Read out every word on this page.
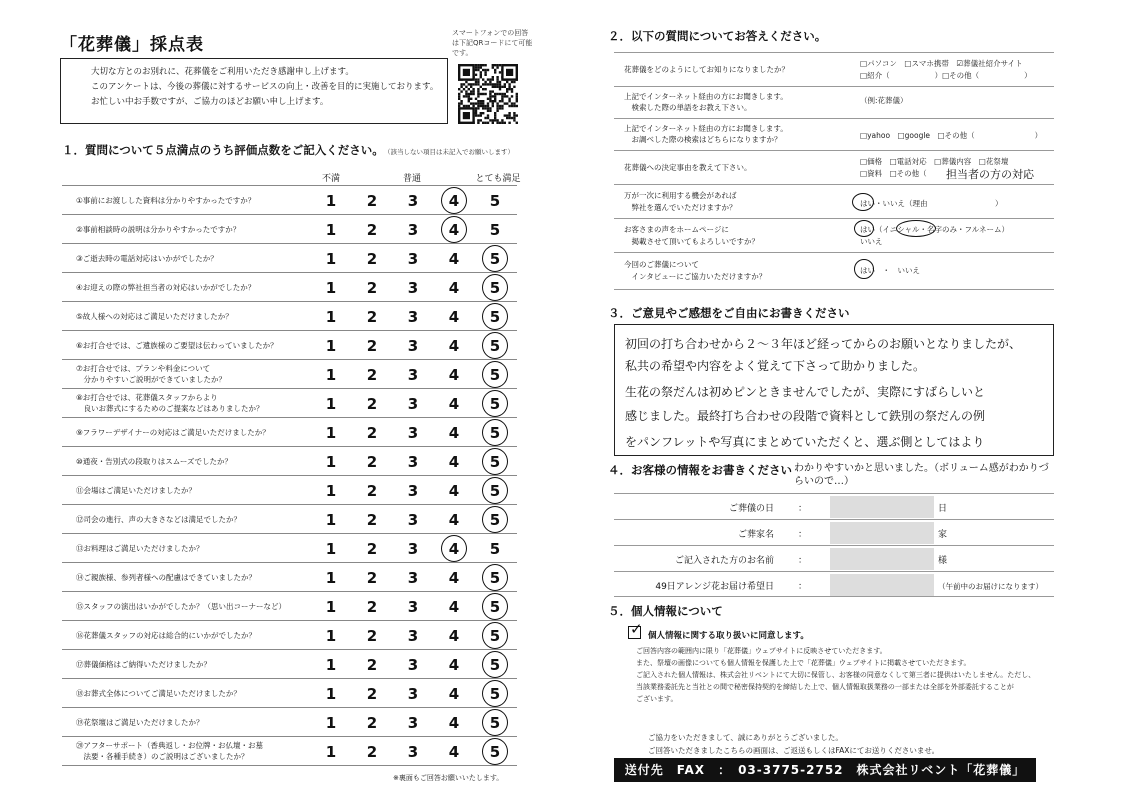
「花葬儀」採点表
スマートフォンでの回答は下記QRコードにて可能です。
大切な方とのお別れに、花葬儀をご利用いただき感謝申し上げます。
このアンケートは、今後の葬儀に対するサービスの向上・改善を目的に実施しております。
お忙しい中お手数ですが、ご協力のほどお願い申し上げます。
１．質問について５点満点のうち評価点数をご記入ください。 （該当しない項目は未記入でお願いします）
不満	普通	とても満足
①事前にお渡しした資料は分かりやすかったですか？	1	2	3	4	5
②事前相談時の説明は分かりやすかったですか？	1	2	3	4	5
③ご逝去時の電話対応はいかがでしたか？	1	2	3	4	5
④お迎えの際の弊社担当者の対応はいかがでしたか？	1	2	3	4	5
⑤故人様への対応はご満足いただけましたか？	1	2	3	4	5
⑥お打合せでは、ご遺族様のご要望は伝わっていましたか？	1	2	3	4	5
⑦お打合せでは、プランや料金について
　分かりやすいご説明ができていましたか？	1	2	3	4	5
⑧お打合せでは、花葬儀スタッフからより
　良いお葬式にするためのご提案などはありましたか？	1	2	3	4	5
⑨フラワーデザイナーの対応はご満足いただけましたか？	1	2	3	4	5
⑩通夜・告別式の段取りはスムーズでしたか？	1	2	3	4	5
⑪会場はご満足いただけましたか？	1	2	3	4	5
⑫司会の進行、声の大きさなどは満足でしたか？	1	2	3	4	5
⑬お料理はご満足いただけましたか？	1	2	3	4	5
⑭ご親族様、参列者様への配慮はできていましたか？	1	2	3	4	5
⑮スタッフの演出はいかがでしたか？（思い出コーナーなど）	1	2	3	4	5
⑯花葬儀スタッフの対応は総合的にいかがでしたか？	1	2	3	4	5
⑰葬儀価格はご納得いただけましたか？	1	2	3	4	5
⑱お葬式全体についてご満足いただけましたか？	1	2	3	4	5
⑲花祭壇はご満足いただけましたか？	1	2	3	4	5
⑳アフターサポート（香典返し・お位牌・お仏壇・お墓
　法要・各種手続き）のご説明はございましたか？	1	2	3	4	5
※裏面もご回答お願いいたします。
２．以下の質問についてお答えください。
花葬儀をどのようにしてお知りになりましたか？
□パソコン　□スマホ携帯　☑葬儀社紹介サイト
□紹介（　　　　　　）□その他（　　　　　　）
上記でインターネット経由の方にお聞きします。
　検索した際の単語をお教え下さい。
（例:花葬儀）
上記でインターネット経由の方にお聞きします。
　お調べした際の検索はどちらになりますか？	□yahoo　□google　□その他（　　　　　　　　）
花葬儀への決定事由を教えて下さい。
□価格　□電話対応　□葬儀内容　□花祭壇
□資料　□その他（ 担当者の方の対応
万が一次に利用する機会があれば
　弊社を選んでいただけますか？	はい・いいえ（理由　　　　　　　　　）
お客さまの声をホームページに
　掲載させて頂いてもよろしいですか？
はい（イニシャル・名字のみ・フルネーム）
いいえ
今回のご葬儀について
　インタビューにご協力いただけますか？
はい　・　いいえ
３．ご意見やご感想をご自由にお書きください
初回の打ち合わせから２～３年ほど経ってからのお願いとなりましたが、
私共の希望や内容をよく覚えて下さって助かりました。
生花の祭だんは初めピンときませんでしたが、実際にすばらしいと
感じました。最終打ち合わせの段階で資料として鉄別の祭だんの例
をパンフレットや写真にまとめていただくと、選ぶ側としてはより
４．お客様の情報をお書きください わかりやすいかと思いました。（ボリューム感がわかりづらいので…）
ご葬儀の日	：	日
ご葬家名	：	家
ご記入された方のお名前	：	様
49日アレンジ花お届け希望日	：	（午前中のお届けになります）
５．個人情報について
✓ 個人情報に関する取り扱いに同意します。
ご回答内容の範囲内に限り「花葬儀」ウェブサイトに反映させていただきます。
また、祭壇の画像についても個人情報を保護した上で「花葬儀」ウェブサイトに掲載させていただきます。
ご記入された個人情報は、株式会社リベントにて大切に保管し、お客様の同意なくして第三者に提供はいたしません。ただし、
当該業務委託先と当社との間で秘密保持契約を締結した上で、個人情報取扱業務の一部または全部を外部委託することが
ございます。
ご協力をいただきまして、誠にありがとうございました。
ご回答いただきましたこちらの画面は、ご返送もしくはFAXにてお送りくださいませ。
送付先　FAX　：　03-3775-2752　株式会社リベント「花葬儀」
